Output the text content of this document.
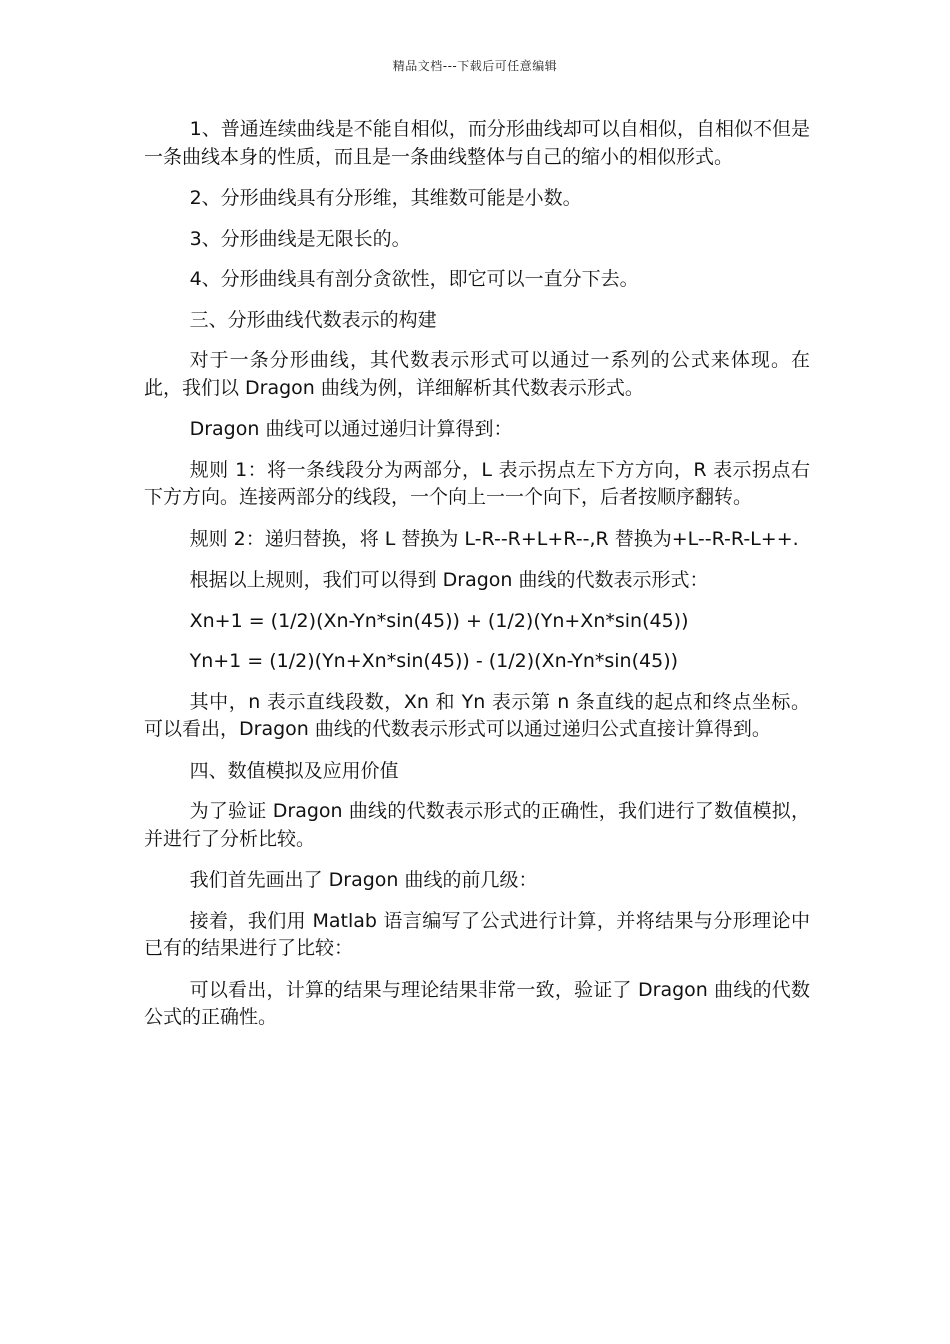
精品文档---下载后可任意编辑

1、普通连续曲线是不能自相似，而分形曲线却可以自相似，自相似不但是一条曲线本身的性质，而且是一条曲线整体与自己的缩小的相似形式。

2、分形曲线具有分形维，其维数可能是小数。

3、分形曲线是无限长的。

4、分形曲线具有剖分贪欲性，即它可以一直分下去。

三、分形曲线代数表示的构建

对于一条分形曲线，其代数表示形式可以通过一系列的公式来体现。在此，我们以 Dragon 曲线为例，详细解析其代数表示形式。

Dragon 曲线可以通过递归计算得到：

规则 1：将一条线段分为两部分，L 表示拐点左下方方向，R 表示拐点右下方方向。连接两部分的线段，一个向上一一个向下，后者按顺序翻转。

规则 2：递归替换，将 L 替换为 L-R--R+L+R--,R 替换为+L--R-R-L++.

根据以上规则，我们可以得到 Dragon 曲线的代数表示形式：

Xn+1 = (1/2)(Xn-Yn*sin(45)) + (1/2)(Yn+Xn*sin(45))

Yn+1 = (1/2)(Yn+Xn*sin(45)) - (1/2)(Xn-Yn*sin(45))

其中，n 表示直线段数，Xn 和 Yn 表示第 n 条直线的起点和终点坐标。可以看出，Dragon 曲线的代数表示形式可以通过递归公式直接计算得到。

四、数值模拟及应用价值

为了验证 Dragon 曲线的代数表示形式的正确性，我们进行了数值模拟，并进行了分析比较。

我们首先画出了 Dragon 曲线的前几级：

接着，我们用 Matlab 语言编写了公式进行计算，并将结果与分形理论中已有的结果进行了比较：

可以看出，计算的结果与理论结果非常一致，验证了 Dragon 曲线的代数公式的正确性。
